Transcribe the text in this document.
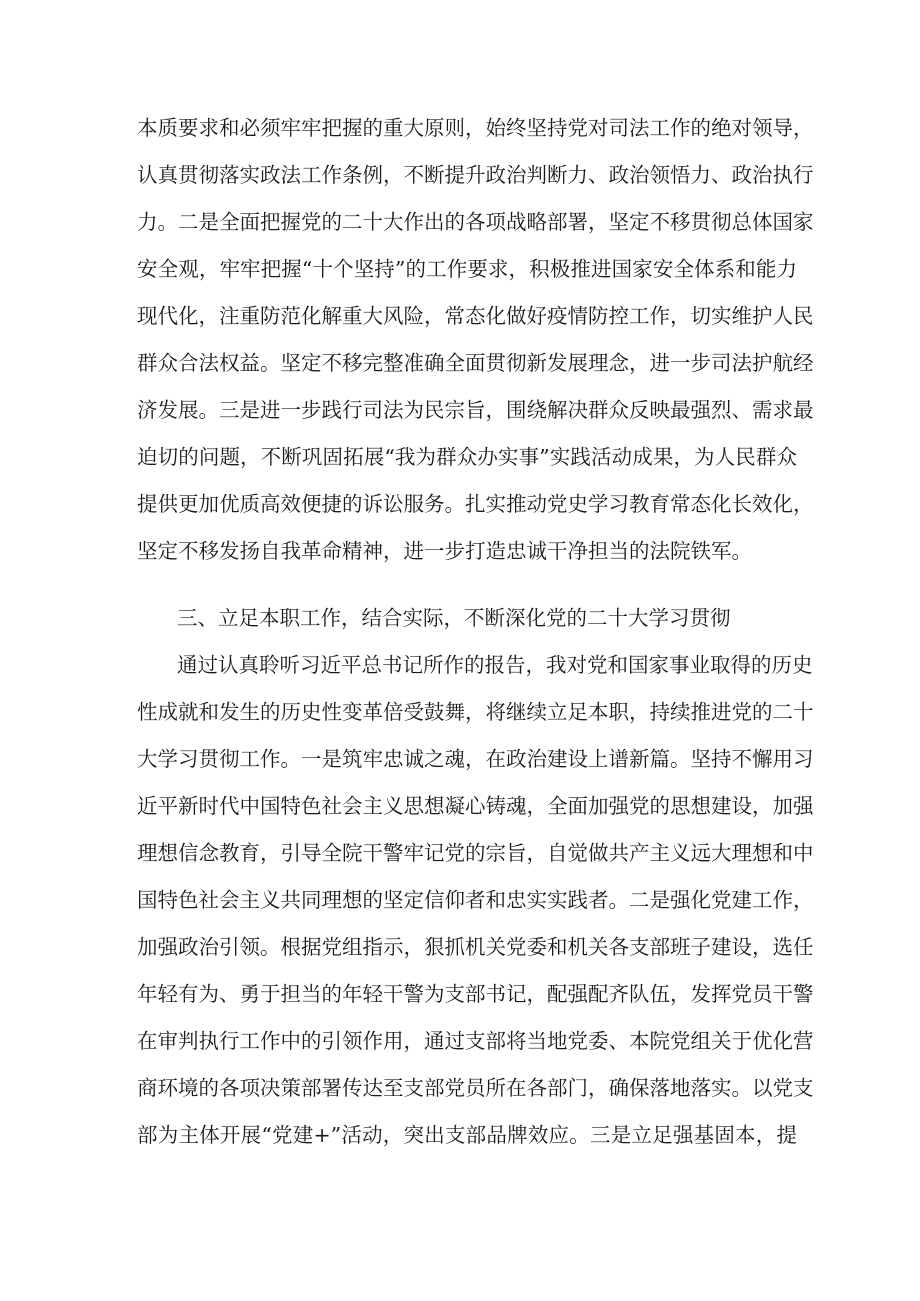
本质要求和必须牢牢把握的重大原则，始终坚持党对司法工作的绝对领导，
认真贯彻落实政法工作条例，不断提升政治判断力、政治领悟力、政治执行
力。二是全面把握党的二十大作出的各项战略部署，坚定不移贯彻总体国家
安全观，牢牢把握“十个坚持”的工作要求，积极推进国家安全体系和能力
现代化，注重防范化解重大风险，常态化做好疫情防控工作，切实维护人民
群众合法权益。坚定不移完整准确全面贯彻新发展理念，进一步司法护航经
济发展。三是进一步践行司法为民宗旨，围绕解决群众反映最强烈、需求最
迫切的问题，不断巩固拓展“我为群众办实事”实践活动成果，为人民群众
提供更加优质高效便捷的诉讼服务。扎实推动党史学习教育常态化长效化，
坚定不移发扬自我革命精神，进一步打造忠诚干净担当的法院铁军。
三、立足本职工作，结合实际，不断深化党的二十大学习贯彻
通过认真聆听习近平总书记所作的报告，我对党和国家事业取得的历史
性成就和发生的历史性变革倍受鼓舞，将继续立足本职，持续推进党的二十
大学习贯彻工作。一是筑牢忠诚之魂，在政治建设上谱新篇。坚持不懈用习
近平新时代中国特色社会主义思想凝心铸魂，全面加强党的思想建设，加强
理想信念教育，引导全院干警牢记党的宗旨，自觉做共产主义远大理想和中
国特色社会主义共同理想的坚定信仰者和忠实实践者。二是强化党建工作，
加强政治引领。根据党组指示，狠抓机关党委和机关各支部班子建设，选任
年轻有为、勇于担当的年轻干警为支部书记，配强配齐队伍，发挥党员干警
在审判执行工作中的引领作用，通过支部将当地党委、本院党组关于优化营
商环境的各项决策部署传达至支部党员所在各部门，确保落地落实。以党支
部为主体开展“党建+”活动，突出支部品牌效应。三是立足强基固本，提
